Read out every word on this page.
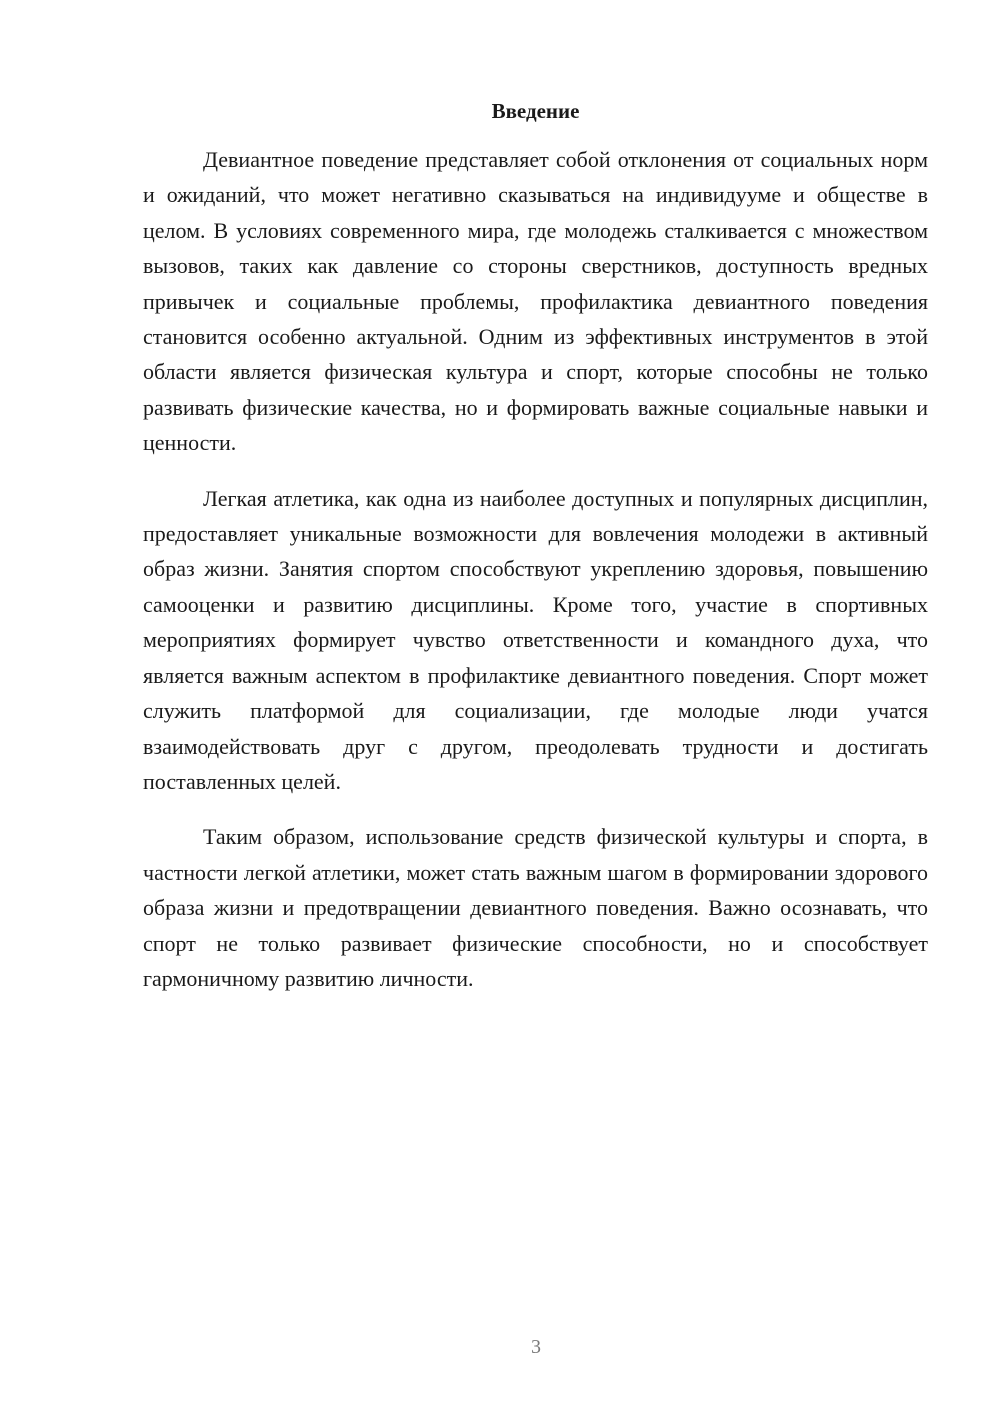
Введение

Девиантное поведение представляет собой отклонения от социальных норм и ожиданий, что может негативно сказываться на индивидууме и обществе в целом. В условиях современного мира, где молодежь сталкивается с множеством вызовов, таких как давление со стороны сверстников, доступность вредных привычек и социальные проблемы, профилактика девиантного поведения становится особенно актуальной. Одним из эффективных инструментов в этой области является физическая культура и спорт, которые способны не только развивать физические качества, но и формировать важные социальные навыки и ценности.

Легкая атлетика, как одна из наиболее доступных и популярных дисциплин, предоставляет уникальные возможности для вовлечения молодежи в активный образ жизни. Занятия спортом способствуют укреплению здоровья, повышению самооценки и развитию дисциплины. Кроме того, участие в спортивных мероприятиях формирует чувство ответственности и командного духа, что является важным аспектом в профилактике девиантного поведения. Спорт может служить платформой для социализации, где молодые люди учатся взаимодействовать друг с другом, преодолевать трудности и достигать поставленных целей.

Таким образом, использование средств физической культуры и спорта, в частности легкой атлетики, может стать важным шагом в формировании здорового образа жизни и предотвращении девиантного поведения. Важно осознавать, что спорт не только развивает физические способности, но и способствует гармоничному развитию личности.

3
